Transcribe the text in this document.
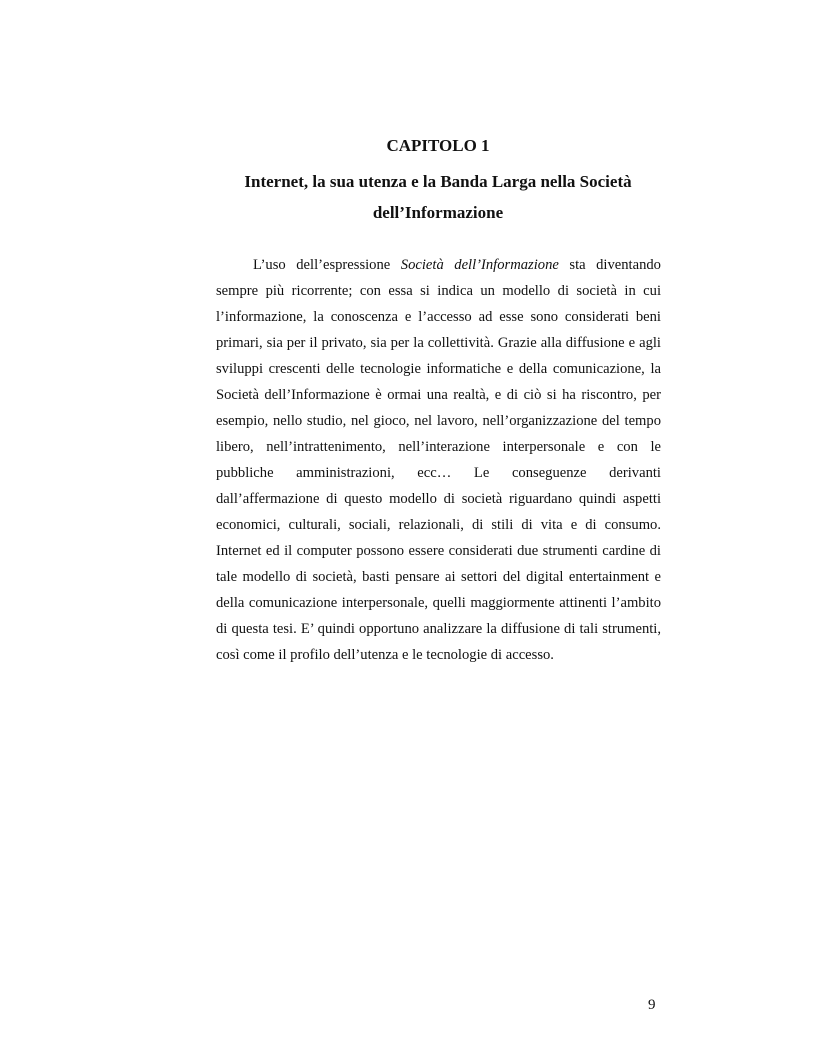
CAPITOLO 1
Internet, la sua utenza e la Banda Larga nella Società dell’Informazione

L’uso dell’espressione Società dell’Informazione sta diventando sempre più ricorrente; con essa si indica un modello di società in cui l’informazione, la conoscenza e l’accesso ad esse sono considerati beni primari, sia per il privato, sia per la collettività. Grazie alla diffusione e agli sviluppi crescenti delle tecnologie informatiche e della comunicazione, la Società dell’Informazione è ormai una realtà, e di ciò si ha riscontro, per esempio, nello studio, nel gioco, nel lavoro, nell’organizzazione del tempo libero, nell’intrattenimento, nell’interazione interpersonale e con le pubbliche amministrazioni, ecc… Le conseguenze derivanti dall’affermazione di questo modello di società riguardano quindi aspetti economici, culturali, sociali, relazionali, di stili di vita e di consumo. Internet ed il computer possono essere considerati due strumenti cardine di tale modello di società, basti pensare ai settori del digital entertainment e della comunicazione interpersonale, quelli maggiormente attinenti l’ambito di questa tesi. E’ quindi opportuno analizzare la diffusione di tali strumenti, così come il profilo dell’utenza e le tecnologie di accesso.

9
